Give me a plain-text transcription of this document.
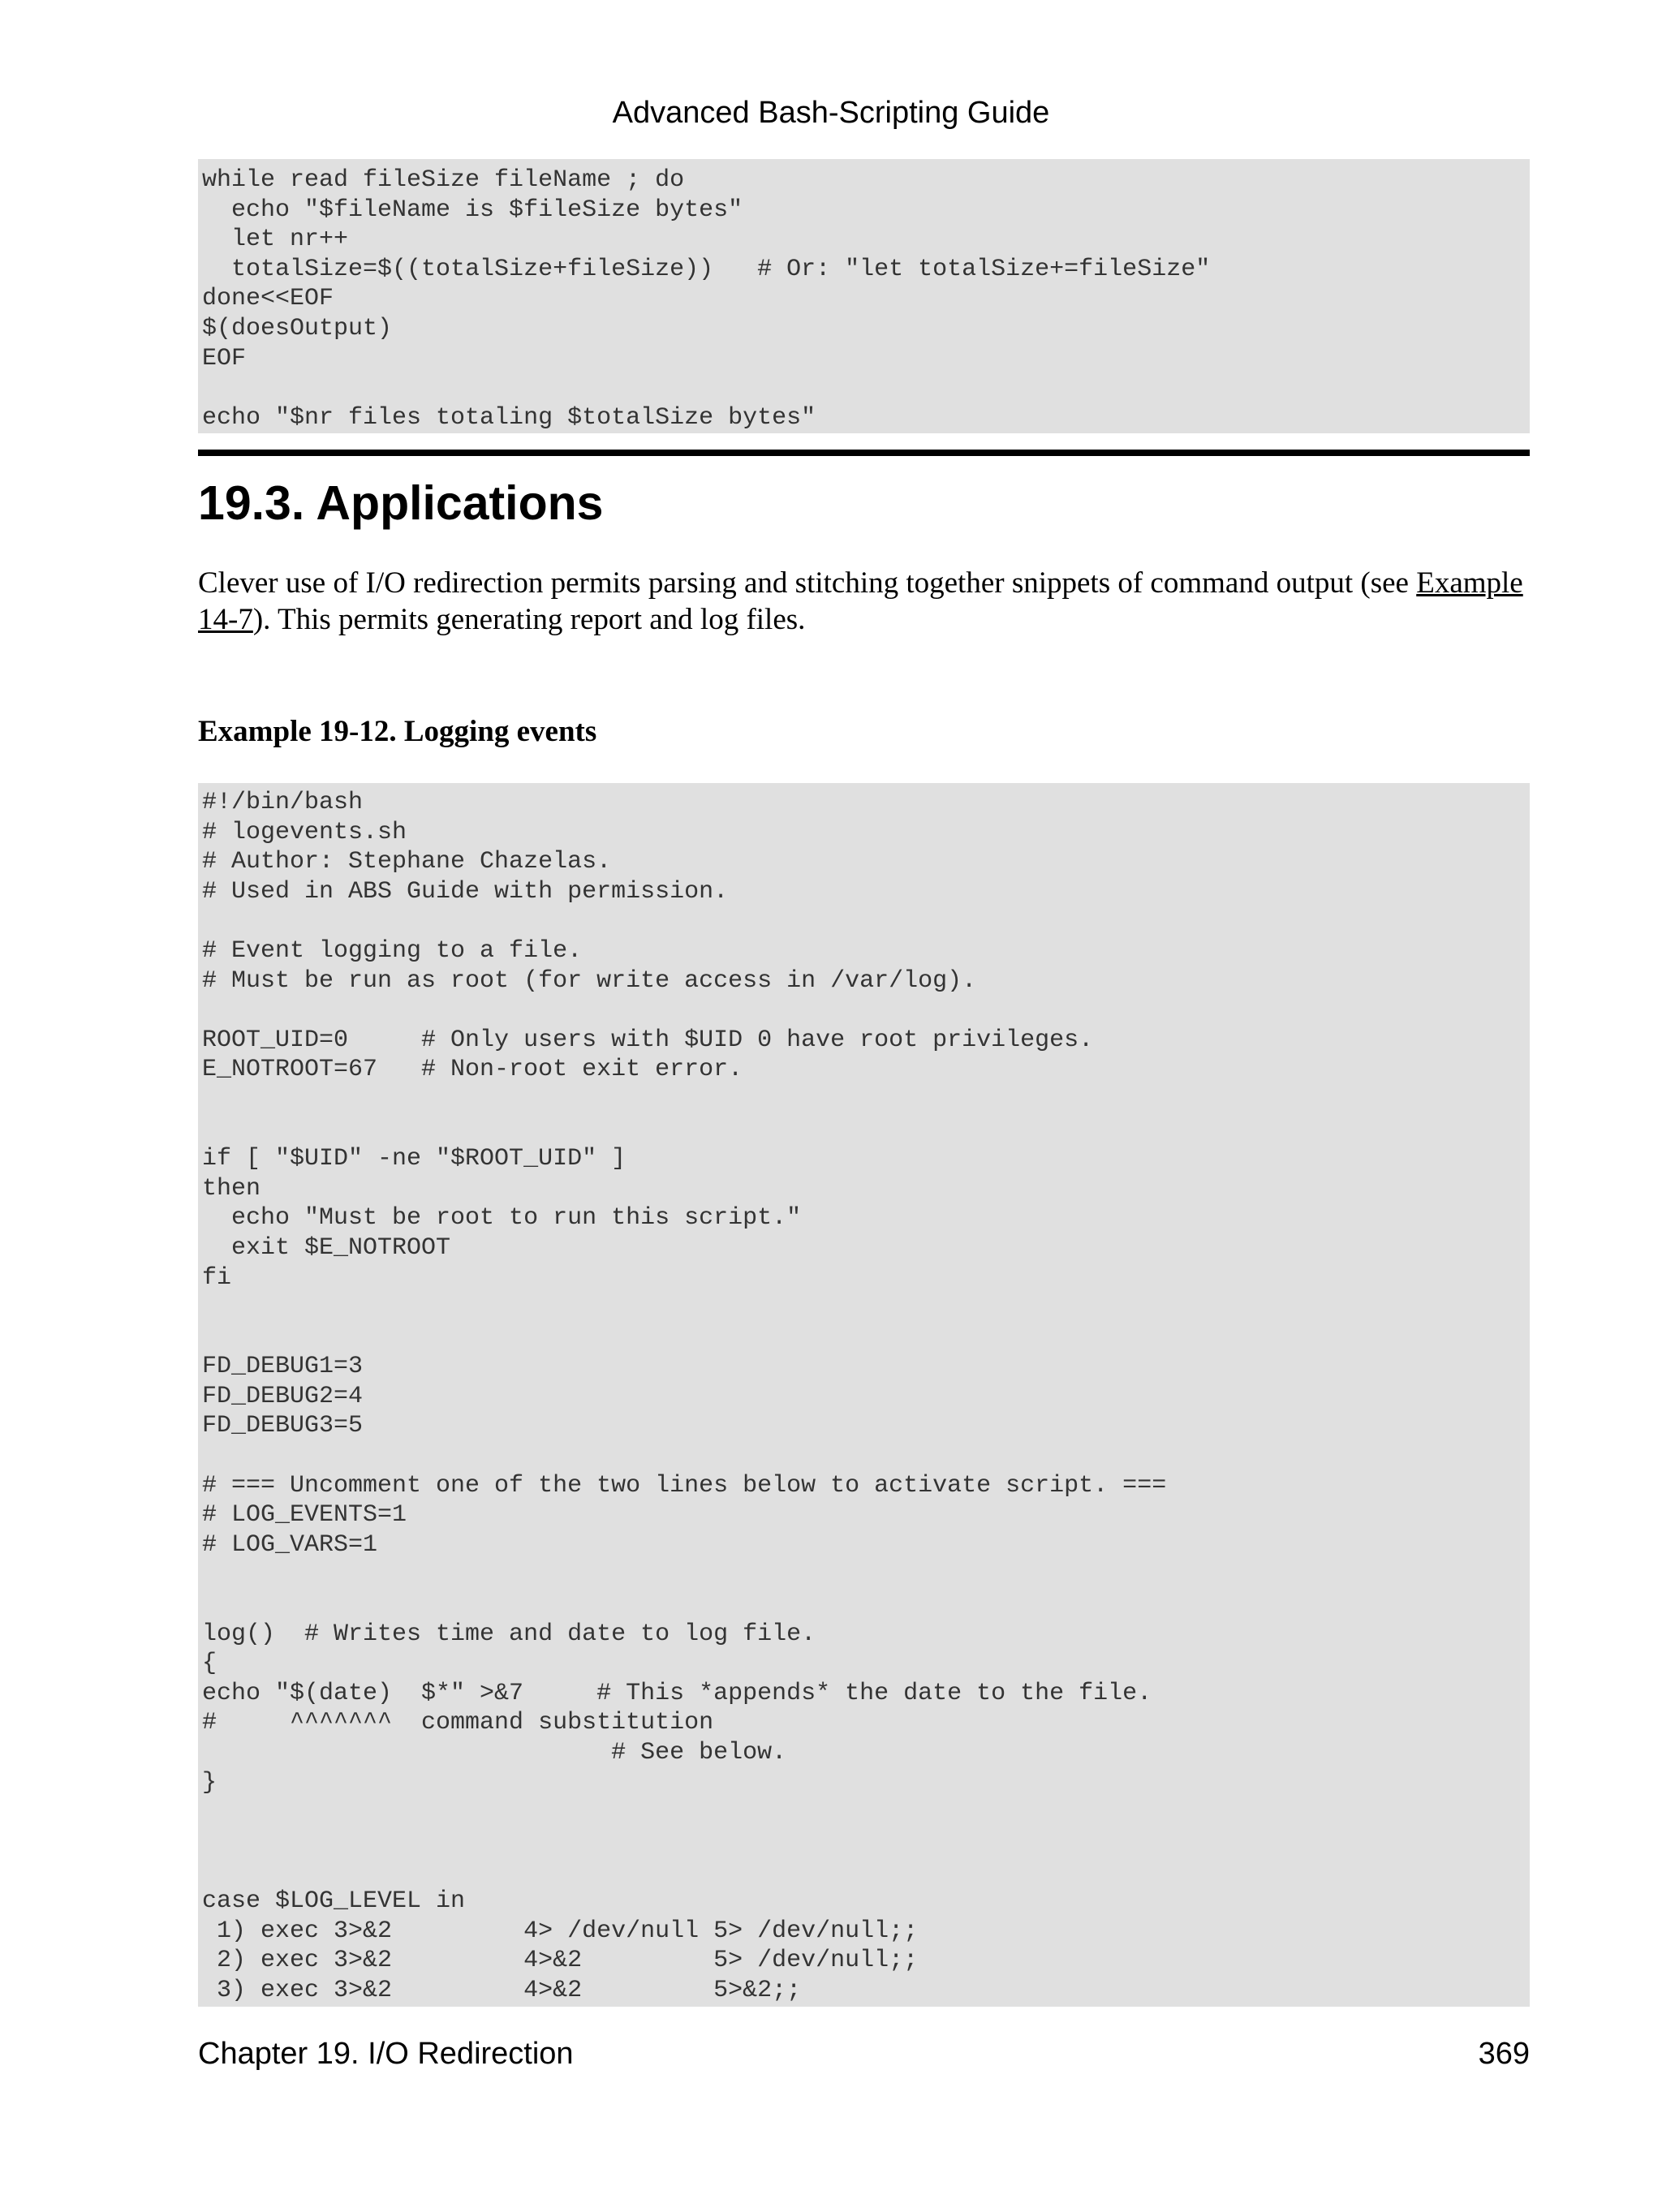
Advanced Bash-Scripting Guide
while read fileSize fileName ; do
echo "$fileName is $fileSize bytes"
let nr++
totalSize=$((totalSize+fileSize))   # Or: "let totalSize+=fileSize"
done<<EOF
$(doesOutput)
EOF

echo "$nr files totaling $totalSize bytes"
19.3. Applications

Clever use of I/O redirection permits parsing and stitching together snippets of command output (see Example 14-7). This permits generating report and log files.

Example 19-12. Logging events
#!/bin/bash
# logevents.sh
# Author: Stephane Chazelas.
# Used in ABS Guide with permission.

# Event logging to a file.
# Must be run as root (for write access in /var/log).

ROOT_UID=0     # Only users with $UID 0 have root privileges.
E_NOTROOT=67   # Non-root exit error.

if [ "$UID" -ne "$ROOT_UID" ]
then
echo "Must be root to run this script."
exit $E_NOTROOT
fi

FD_DEBUG1=3
FD_DEBUG2=4
FD_DEBUG3=5

# === Uncomment one of the two lines below to activate script. ===
# LOG_EVENTS=1
# LOG_VARS=1

log()  # Writes time and date to log file.
{
echo "$(date)  $*" >&7     # This *appends* the date to the file.
#     ^^^^^^^  command substitution
# See below.
}

case $LOG_LEVEL in
1) exec 3>&2         4> /dev/null 5> /dev/null;;
2) exec 3>&2         4>&2         5> /dev/null;;
3) exec 3>&2         4>&2         5>&2;;
Chapter 19. I/O Redirection	369
